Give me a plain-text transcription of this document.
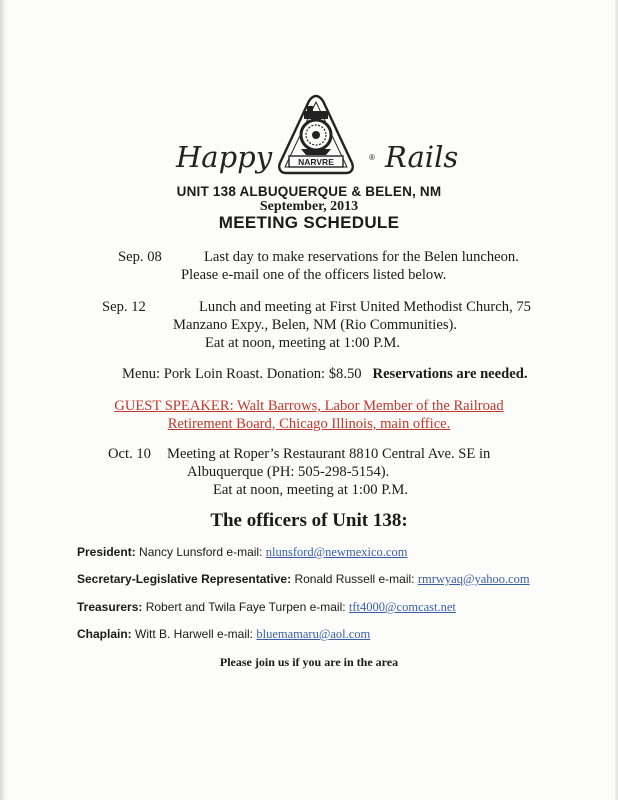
NARVRE
Happy	® Rails
UNIT 138 ALBUQUERQUE & BELEN, NM
September, 2013
MEETING SCHEDULE
Sep. 08	Last day to make reservations for the Belen luncheon.
Please e-mail one of the officers listed below.
Sep. 12	Lunch and meeting at First United Methodist Church, 75
Manzano Expy., Belen, NM (Rio Communities).
Eat at noon, meeting at 1:00 P.M.
Menu: Pork Loin Roast. Donation: $8.50 Reservations are needed.
GUEST SPEAKER: Walt Barrows, Labor Member of the Railroad
Retirement Board, Chicago Illinois, main office.
Oct. 10 Meeting at Roper’s Restaurant 8810 Central Ave. SE in
Albuquerque (PH: 505-298-5154).
Eat at noon, meeting at 1:00 P.M.
The officers of Unit 138:
President: Nancy Lunsford e-mail: nlunsford@newmexico.com
Secretary-Legislative Representative: Ronald Russell e-mail: rmrwyaq@yahoo.com
Treasurers: Robert and Twila Faye Turpen e-mail: tft4000@comcast.net
Chaplain: Witt B. Harwell e-mail: bluemamaru@aol.com
Please join us if you are in the area
